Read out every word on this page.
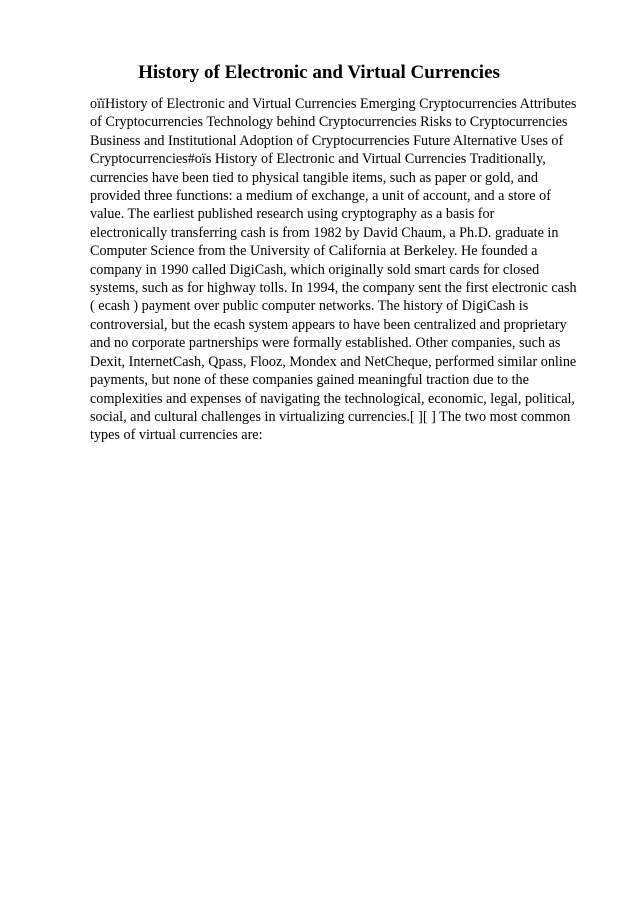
History of Electronic and Virtual Currencies
oïïHistory of Electronic and Virtual Currencies Emerging Cryptocurrencies Attributes
of Cryptocurrencies Technology behind Cryptocurrencies Risks to Cryptocurrencies
Business and Institutional Adoption of Cryptocurrencies Future Alternative Uses of
Cryptocurrencies#oïs History of Electronic and Virtual Currencies Traditionally,
currencies have been tied to physical tangible items, such as paper or gold, and
provided three functions: a medium of exchange, a unit of account, and a store of
value. The earliest published research using cryptography as a basis for
electronically transferring cash is from 1982 by David Chaum, a Ph.D. graduate in
Computer Science from the University of California at Berkeley. He founded a
company in 1990 called DigiCash, which originally sold smart cards for closed
systems, such as for highway tolls. In 1994, the company sent the first electronic cash
( ecash ) payment over public computer networks. The history of DigiCash is
controversial, but the ecash system appears to have been centralized and proprietary
and no corporate partnerships were formally established. Other companies, such as
Dexit, InternetCash, Qpass, Flooz, Mondex and NetCheque, performed similar online
payments, but none of these companies gained meaningful traction due to the
complexities and expenses of navigating the technological, economic, legal, political,
social, and cultural challenges in virtualizing currencies.[ ][ ] The two most common
types of virtual currencies are:
